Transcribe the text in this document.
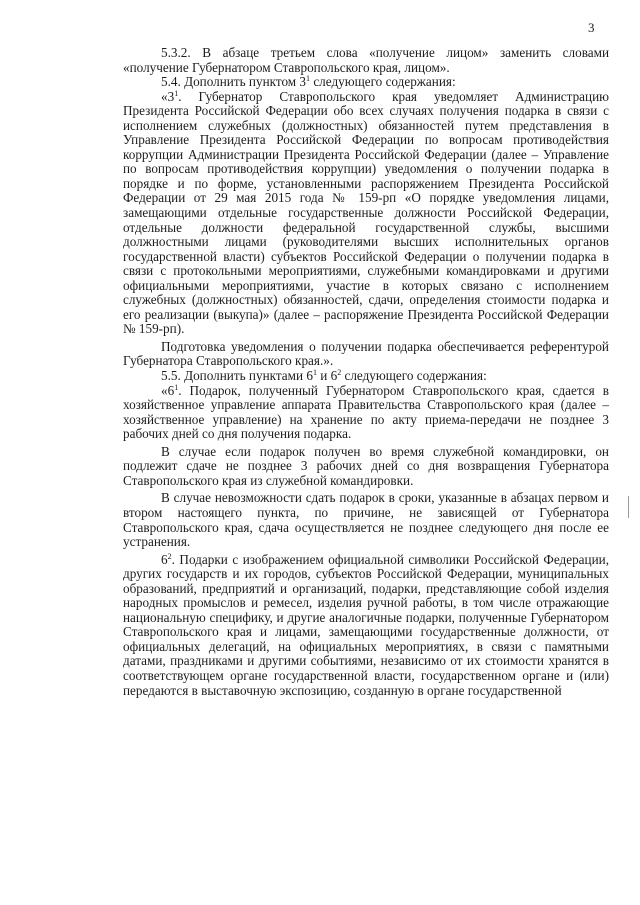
3

5.3.2. В абзаце третьем слова «получение лицом» заменить словами «получение Губернатором Ставропольского края, лицом».

5.4. Дополнить пунктом $3^1$ следующего содержания:

«$3^1$. Губернатор Ставропольского края уведомляет Администрацию Президента Российской Федерации обо всех случаях получения подарка в связи с исполнением служебных (должностных) обязанностей путем представления в Управление Президента Российской Федерации по вопросам противодействия коррупции Администрации Президента Российской Федерации (далее – Управление по вопросам противодействия коррупции) уведомления о получении подарка в порядке и по форме, установленными распоряжением Президента Российской Федерации от 29 мая 2015 года № 159-рп «О порядке уведомления лицами, замещающими отдельные государственные должности Российской Федерации, отдельные должности федеральной государственной службы, высшими должностными лицами (руководителями высших исполнительных органов государственной власти) субъектов Российской Федерации о получении подарка в связи с протокольными мероприятиями, служебными командировками и другими официальными мероприятиями, участие в которых связано с исполнением служебных (должностных) обязанностей, сдачи, определения стоимости подарка и его реализации (выкупа)» (далее – распоряжение Президента Российской Федерации № 159-рп).

Подготовка уведомления о получении подарка обеспечивается референтурой Губернатора Ставропольского края.».

5.5. Дополнить пунктами $6^1$ и $6^2$ следующего содержания:

«$6^1$. Подарок, полученный Губернатором Ставропольского края, сдается в хозяйственное управление аппарата Правительства Ставропольского края (далее – хозяйственное управление) на хранение по акту приема-передачи не позднее 3 рабочих дней со дня получения подарка.

В случае если подарок получен во время служебной командировки, он подлежит сдаче не позднее 3 рабочих дней со дня возвращения Губернатора Ставропольского края из служебной командировки.

В случае невозможности сдать подарок в сроки, указанные в абзацах первом и втором настоящего пункта, по причине, не зависящей от Губернатора Ставропольского края, сдача осуществляется не позднее следующего дня после ее устранения.

$6^2$. Подарки с изображением официальной символики Российской Федерации, других государств и их городов, субъектов Российской Федерации, муниципальных образований, предприятий и организаций, подарки, представляющие собой изделия народных промыслов и ремесел, изделия ручной работы, в том числе отражающие национальную специфику, и другие аналогичные подарки, полученные Губернатором Ставропольского края и лицами, замещающими государственные должности, от официальных делегаций, на официальных мероприятиях, в связи с памятными датами, праздниками и другими событиями, независимо от их стоимости хранятся в соответствующем органе государственной власти, государственном органе и (или) передаются в выставочную экспозицию, созданную в органе государственной
